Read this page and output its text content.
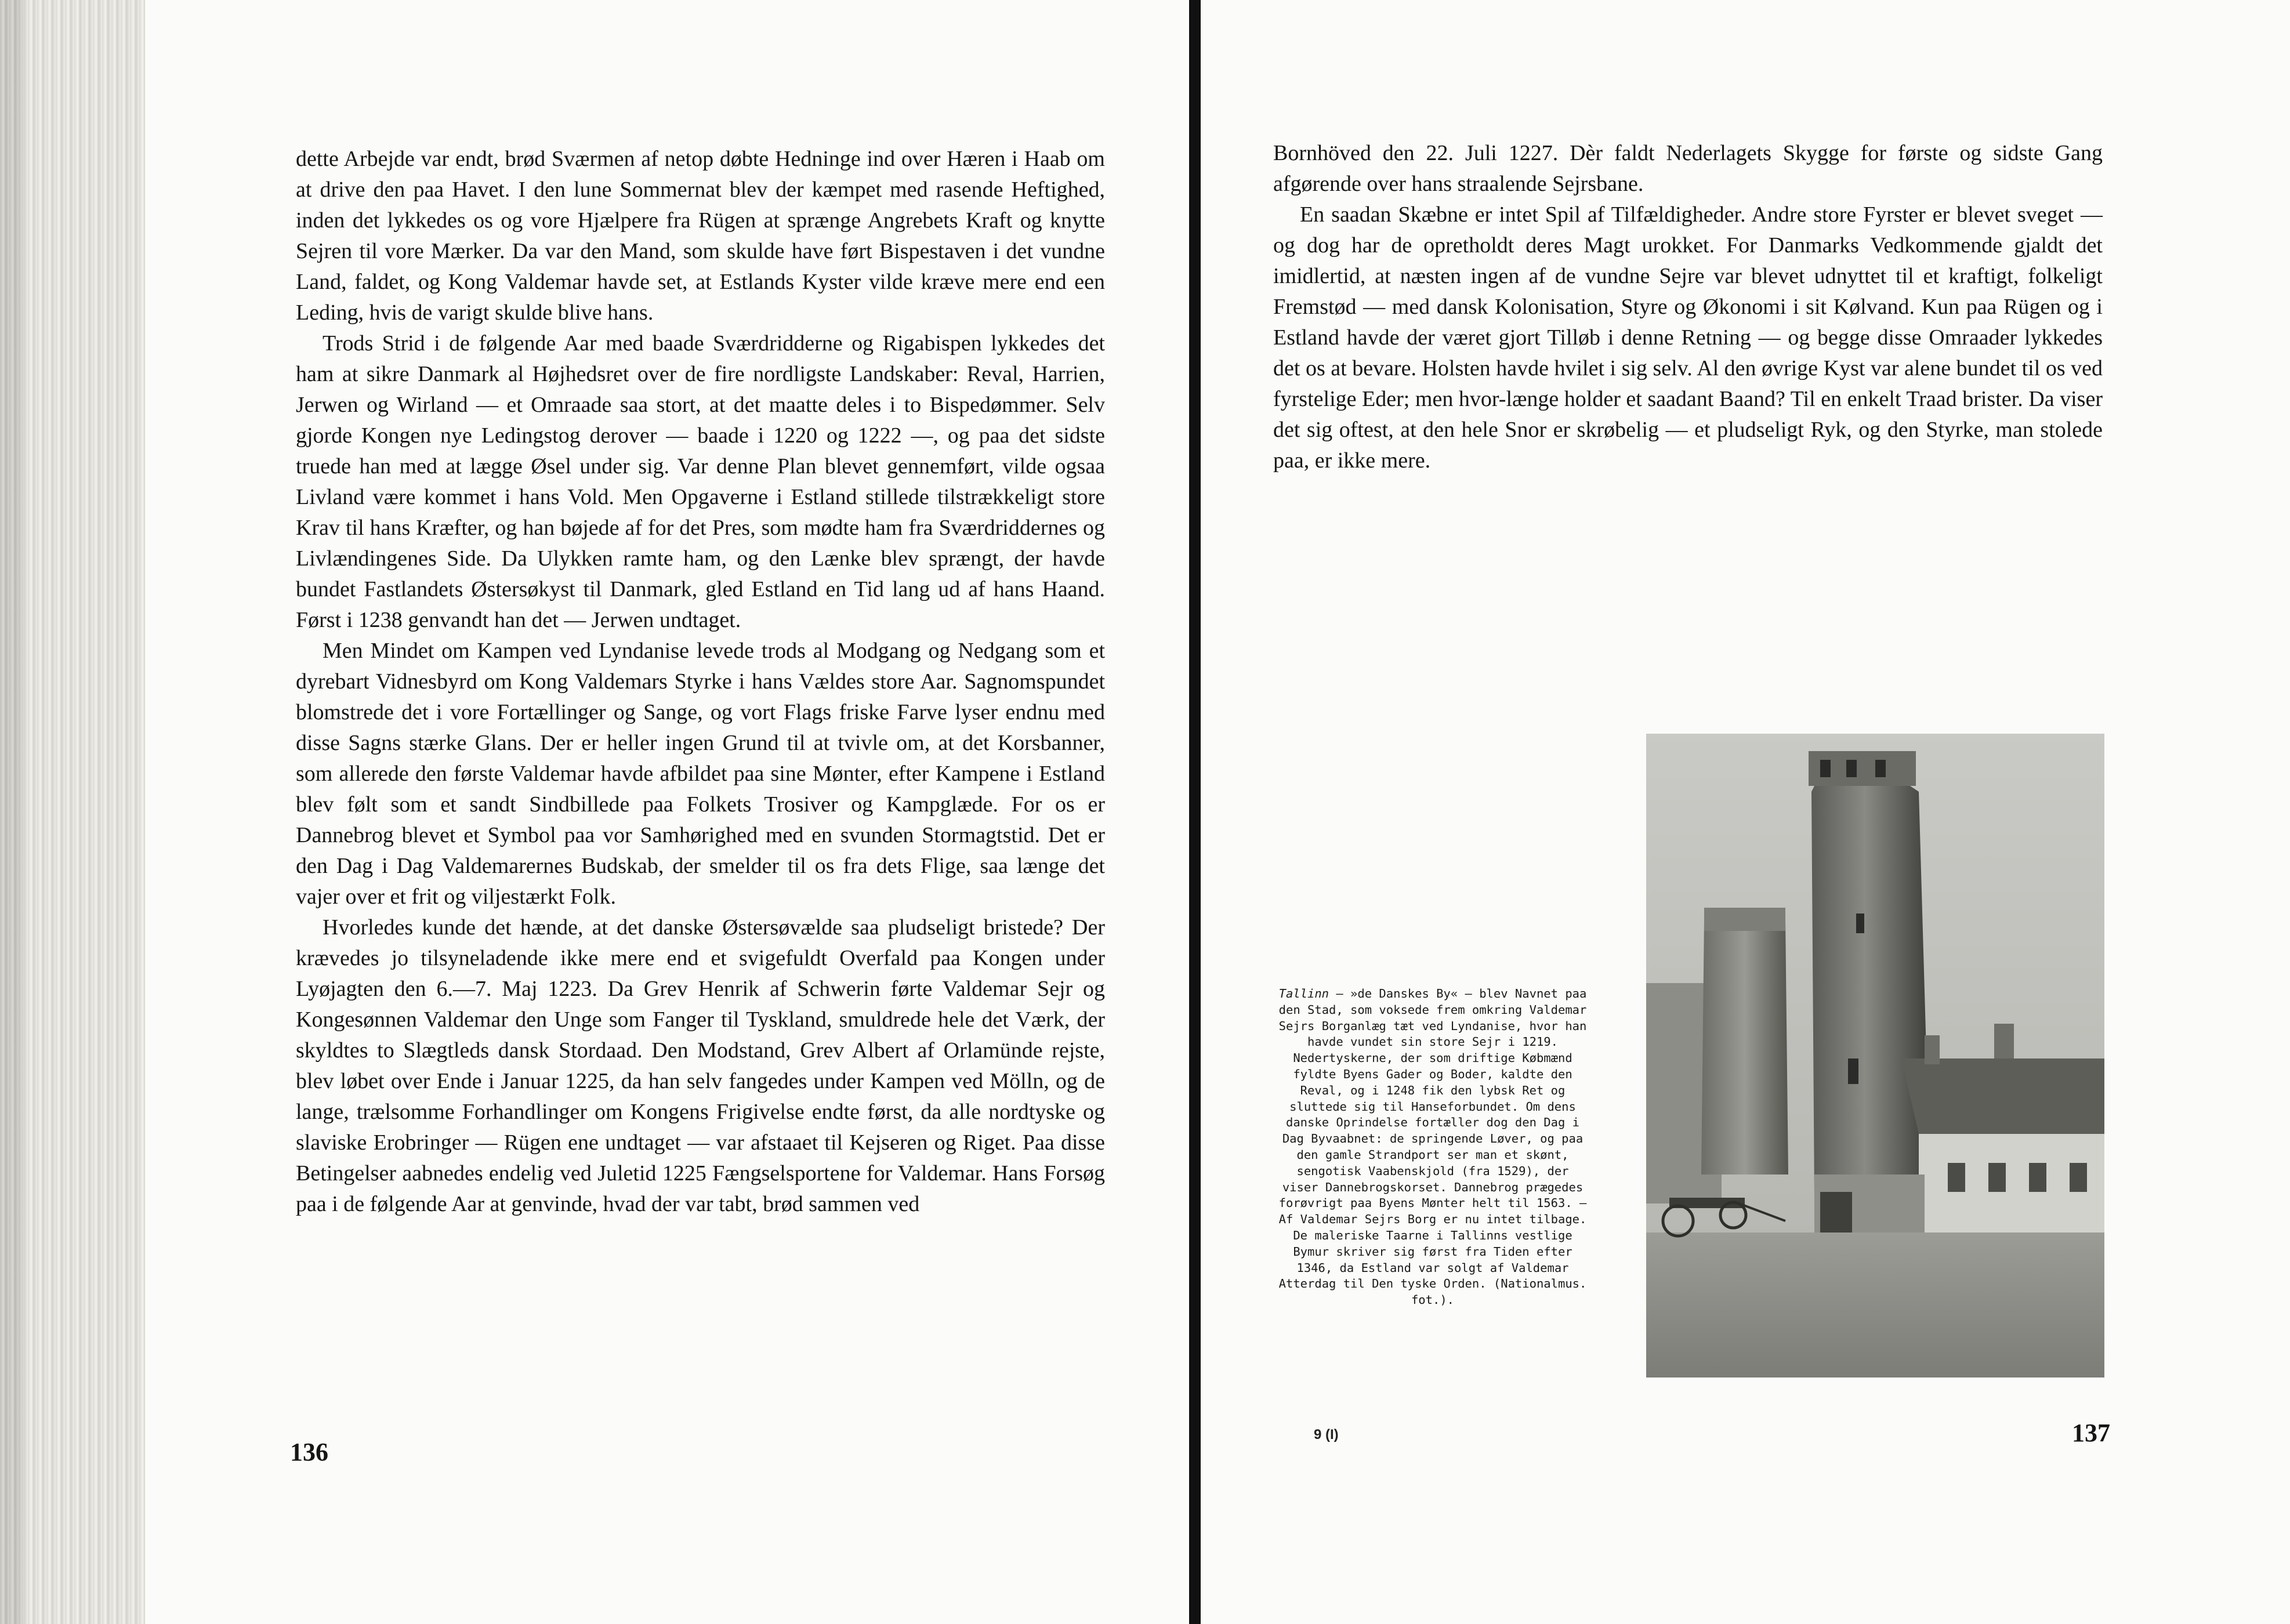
dette Arbejde var endt, brød Sværmen af netop døbte Hedninge ind over Hæren i Haab om at drive den paa Havet. I den lune Sommernat blev der kæmpet med rasende Heftighed, inden det lykkedes os og vore Hjælpere fra Rügen at sprænge Angrebets Kraft og knytte Sejren til vore Mærker. Da var den Mand, som skulde have ført Bispestaven i det vundne Land, faldet, og Kong Valdemar havde set, at Estlands Kyster vilde kræve mere end een Leding, hvis de varigt skulde blive hans.

Trods Strid i de følgende Aar med baade Sværdridderne og Rigabispen lykkedes det ham at sikre Danmark al Højhedsret over de fire nordligste Landskaber: Reval, Harrien, Jerwen og Wirland — et Omraade saa stort, at det maatte deles i to Bispedømmer. Selv gjorde Kongen nye Ledingstog derover — baade i 1220 og 1222 —, og paa det sidste truede han med at lægge Øsel under sig. Var denne Plan blevet gennemført, vilde ogsaa Livland være kommet i hans Vold. Men Opgaverne i Estland stillede tilstrækkeligt store Krav til hans Kræfter, og han bøjede af for det Pres, som mødte ham fra Sværdriddernes og Livlændingenes Side. Da Ulykken ramte ham, og den Lænke blev sprængt, der havde bundet Fastlandets Østersøkyst til Danmark, gled Estland en Tid lang ud af hans Haand. Først i 1238 genvandt han det — Jerwen undtaget.

Men Mindet om Kampen ved Lyndanise levede trods al Modgang og Nedgang som et dyrebart Vidnesbyrd om Kong Valdemars Styrke i hans Vældes store Aar. Sagnomspundet blomstrede det i vore Fortællinger og Sange, og vort Flags friske Farve lyser endnu med disse Sagns stærke Glans. Der er heller ingen Grund til at tvivle om, at det Korsbanner, som allerede den første Valdemar havde afbildet paa sine Mønter, efter Kampene i Estland blev følt som et sandt Sindbillede paa Folkets Trosiver og Kampglæde. For os er Dannebrog blevet et Symbol paa vor Samhørighed med en svunden Stormagtstid. Det er den Dag i Dag Valdemarernes Budskab, der smelder til os fra dets Flige, saa længe det vajer over et frit og viljestærkt Folk.

Hvorledes kunde det hænde, at det danske Østersøvælde saa pludseligt bristede? Der krævedes jo tilsyneladende ikke mere end et svigefuldt Overfald paa Kongen under Lyøjagten den 6.—7. Maj 1223. Da Grev Henrik af Schwerin førte Valdemar Sejr og Kongesønnen Valdemar den Unge som Fanger til Tyskland, smuldrede hele det Værk, der skyldtes to Slægtleds dansk Stordaad. Den Modstand, Grev Albert af Orlamünde rejste, blev løbet over Ende i Januar 1225, da han selv fangedes under Kampen ved Mölln, og de lange, trælsomme Forhandlinger om Kongens Frigivelse endte først, da alle nordtyske og slaviske Erobringer — Rügen ene undtaget — var afstaaet til Kejseren og Riget. Paa disse Betingelser aabnedes endelig ved Juletid 1225 Fængselsportene for Valdemar. Hans Forsøg paa i de følgende Aar at genvinde, hvad der var tabt, brød sammen ved

136

Bornhöved den 22. Juli 1227. Dèr faldt Nederlagets Skygge for første og sidste Gang afgørende over hans straalende Sejrsbane.

En saadan Skæbne er intet Spil af Tilfældigheder. Andre store Fyrster er blevet sveget — og dog har de opretholdt deres Magt urokket. For Danmarks Vedkommende gjaldt det imidlertid, at næsten ingen af de vundne Sejre var blevet udnyttet til et kraftigt, folkeligt Fremstød — med dansk Kolonisation, Styre og Økonomi i sit Kølvand. Kun paa Rügen og i Estland havde der været gjort Tilløb i denne Retning — og begge disse Omraader lykkedes det os at bevare. Holsten havde hvilet i sig selv. Al den øvrige Kyst var alene bundet til os ved fyrstelige Eder; men hvor-længe holder et saadant Baand? Til en enkelt Traad brister. Da viser det sig oftest, at den hele Snor er skrøbelig — et pludseligt Ryk, og den Styrke, man stolede paa, er ikke mere.

Tallinn — »de Danskes By« — blev Navnet paa den Stad, som voksede frem omkring Valdemar Sejrs Borganlæg tæt ved Lyndanise, hvor han havde vundet sin store Sejr i 1219. Nedertyskerne, der som driftige Købmænd fyldte Byens Gader og Boder, kaldte den Reval, og i 1248 fik den lybsk Ret og sluttede sig til Hanseforbundet. Om dens danske Oprindelse fortæller dog den Dag i Dag Byvaabnet: de springende Løver, og paa den gamle Strandport ser man et skønt, sengotisk Vaabenskjold (fra 1529), der viser Dannebrogskorset. Dannebrog prægedes forøvrigt paa Byens Mønter helt til 1563. — Af Valdemar Sejrs Borg er nu intet tilbage. De maleriske Taarne i Tallinns vestlige Bymur skriver sig først fra Tiden efter 1346, da Estland var solgt af Valdemar Atterdag til Den tyske Orden. (Nationalmus. fot.).
9 (I)	137
